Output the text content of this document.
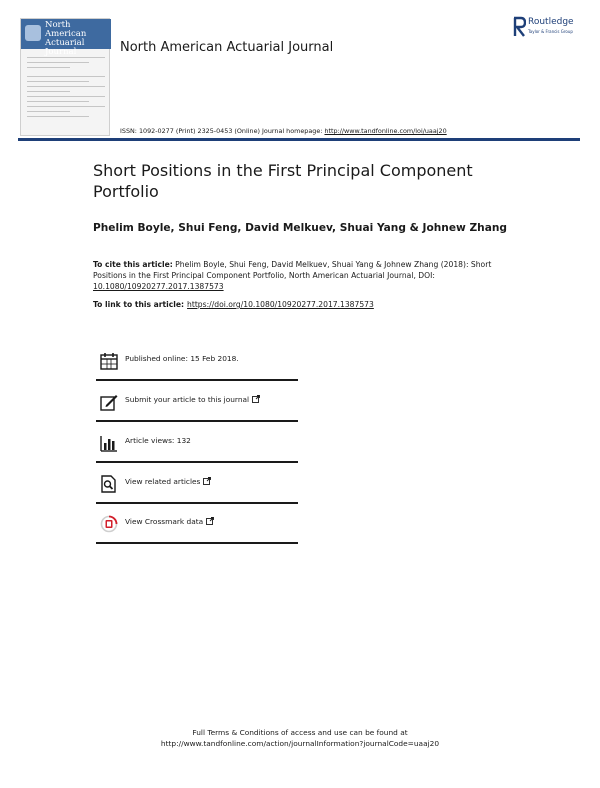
North American Actuarial Journal	North American Actuarial Journal
ISSN: 1092-0277 (Print) 2325-0453 (Online) Journal homepage: http://www.tandfonline.com/loi/uaaj20
Routledge
Taylor & Francis Group
Short Positions in the First Principal Component Portfolio
Phelim Boyle, Shui Feng, David Melkuev, Shuai Yang & Johnew Zhang
To cite this article: Phelim Boyle, Shui Feng, David Melkuev, Shuai Yang & Johnew Zhang (2018): Short Positions in the First Principal Component Portfolio, North American Actuarial Journal, DOI: 10.1080/10920277.2017.1387573
To link to this article: https://doi.org/10.1080/10920277.2017.1387573
Published online: 15 Feb 2018.
Submit your article to this journal
Article views: 132
View related articles
View Crossmark data
Full Terms & Conditions of access and use can be found at
http://www.tandfonline.com/action/journalInformation?journalCode=uaaj20
